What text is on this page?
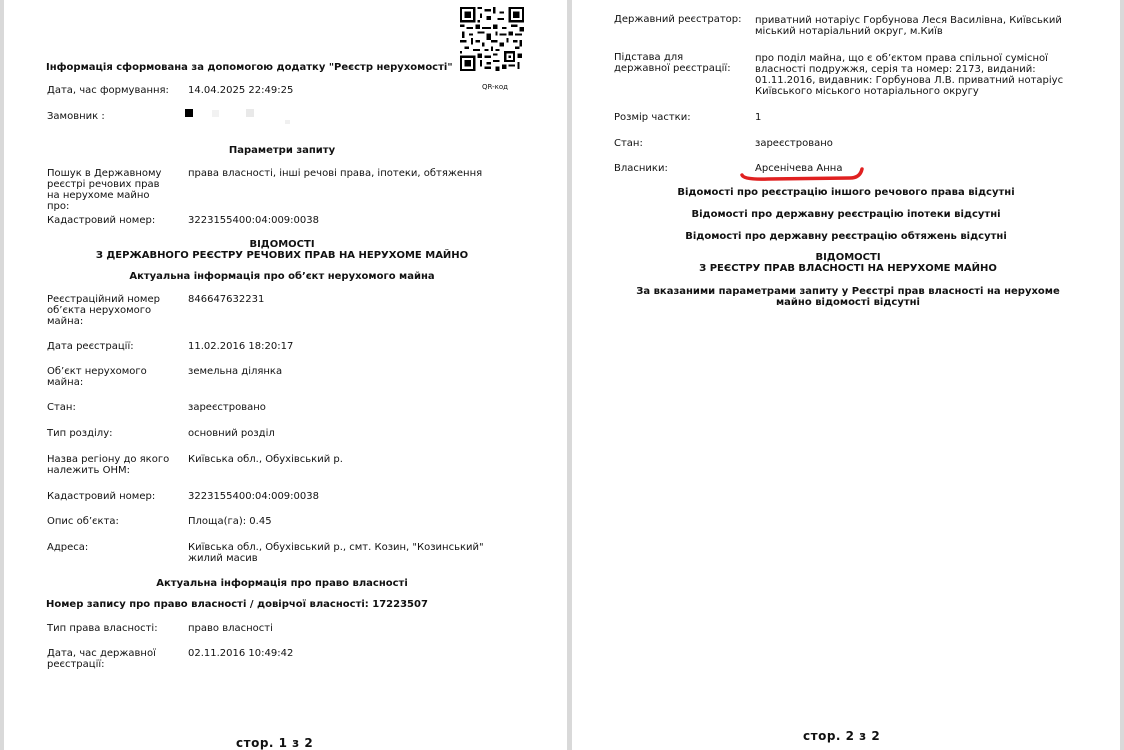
QR-код
Інформація сформована за допомогою додатку "Реєстр нерухомості"
Дата, час формування:	14.04.2025 22:49:25
Замовник :
Параметри запиту
Пошук в Державному реєстрі речових прав на нерухоме майно про:
права власності, інші речові права, іпотеки, обтяження
Кадастровий номер:	3223155400:04:009:0038
ВІДОМОСТІ
З ДЕРЖАВНОГО РЕЄСТРУ РЕЧОВИХ ПРАВ НА НЕРУХОМЕ МАЙНО
Актуальна інформація про об’єкт нерухомого майна
Реєстраційний номер об’єкта нерухомого майна:
846647632231
Дата реєстрації:	11.02.2016 18:20:17
Об’єкт нерухомого майна:
земельна ділянка
Стан:	зареєстровано
Тип розділу:	основний розділ
Назва регіону до якого належить ОНМ:
Київська обл., Обухівський р.
Кадастровий номер:	3223155400:04:009:0038
Опис об’єкта:	Площа(га): 0.45
Адреса:	Київська обл., Обухівський р., смт. Козин, "Козинський" жилий масив
Актуальна інформація про право власності
Номер запису про право власності / довірчої власності: 17223507
Тип права власності:	право власності
Дата, час державної реєстрації:
02.11.2016 10:49:42
стор. 1 з 2
Державний реєстратор: приватний нотаріус Горбунова Леся Василівна, Київський міський нотаріальний округ, м.Київ
Підстава для державної реєстрації:
про поділ майна, що є об’єктом права спільної сумісної власності подружжя, серія та номер: 2173, виданий: 01.11.2016, видавник: Горбунова Л.В. приватний нотаріус Київського міського нотаріального округу
Розмір частки:	1
Стан:	зареєстровано
Власники:	Арсенічева Анна
Відомості про реєстрацію іншого речового права відсутні
Відомості про державну реєстрацію іпотеки відсутні
Відомості про державну реєстрацію обтяжень відсутні
ВІДОМОСТІ
З РЕЄСТРУ ПРАВ ВЛАСНОСТІ НА НЕРУХОМЕ МАЙНО
За вказаними параметрами запиту у Реєстрі прав власності на нерухоме майно відомості відсутні
стор. 2 з 2
